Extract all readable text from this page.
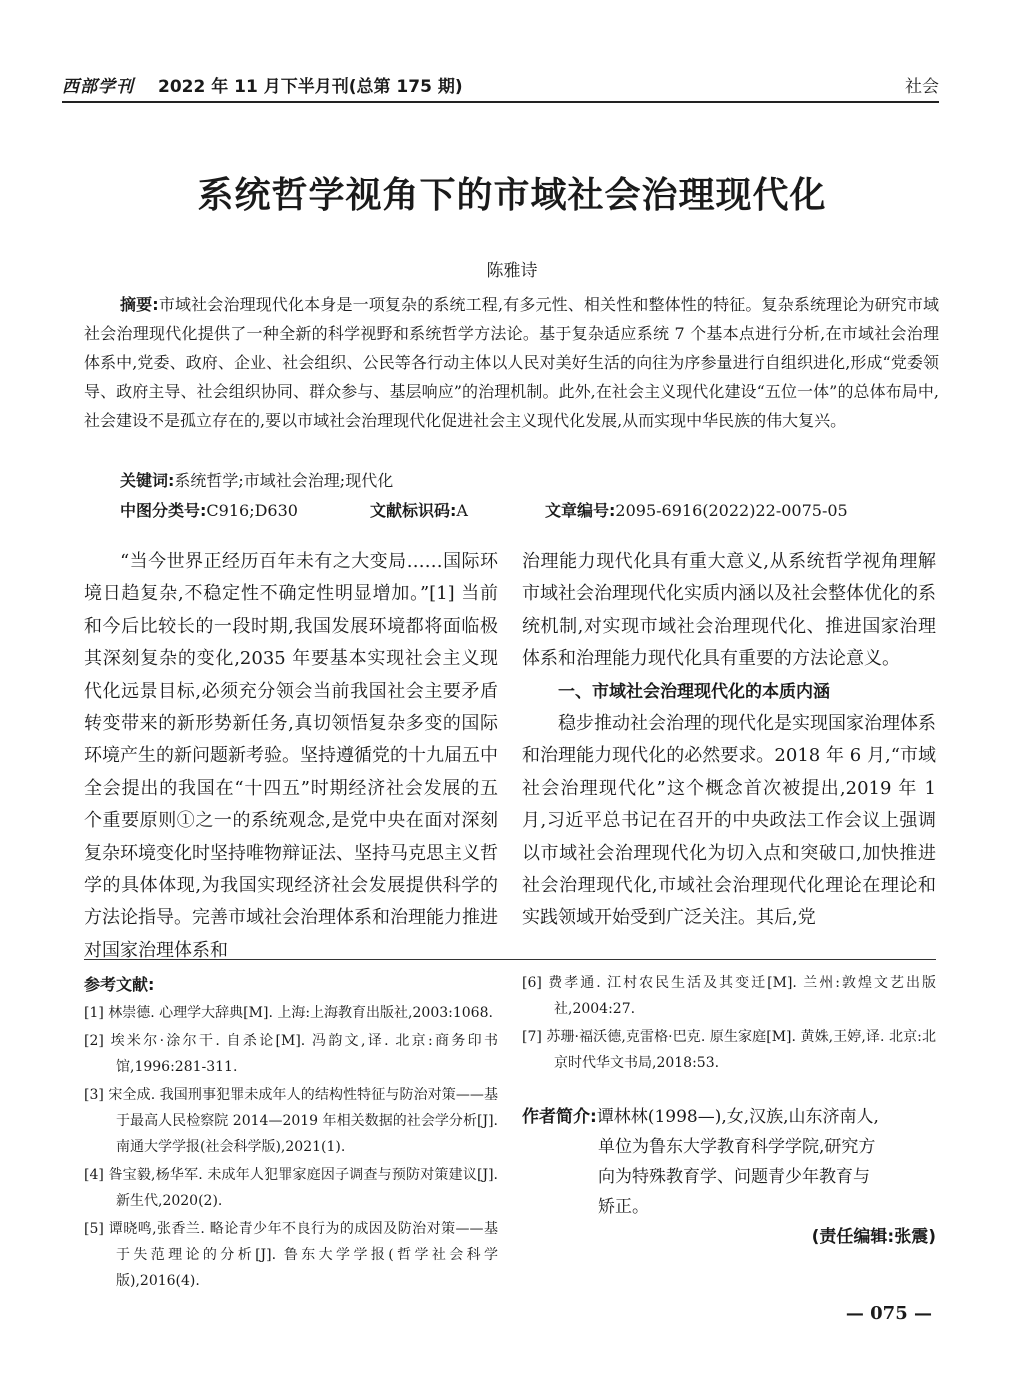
西部学刊 2022 年 11 月下半月刊(总第 175 期)	社会
系统哲学视角下的市域社会治理现代化
陈雅诗
摘要:市域社会治理现代化本身是一项复杂的系统工程,有多元性、相关性和整体性的特征。复杂系统理论为研究市域社会治理现代化提供了一种全新的科学视野和系统哲学方法论。基于复杂适应系统 7 个基本点进行分析,在市域社会治理体系中,党委、政府、企业、社会组织、公民等各行动主体以人民对美好生活的向往为序参量进行自组织进化,形成“党委领导、政府主导、社会组织协同、群众参与、基层响应”的治理机制。此外,在社会主义现代化建设“五位一体”的总体布局中,社会建设不是孤立存在的,要以市域社会治理现代化促进社会主义现代化发展,从而实现中华民族的伟大复兴。
关键词:系统哲学;市域社会治理;现代化
中图分类号:C916;D630	文献标识码:A	文章编号:2095-6916(2022)22-0075-05

“当今世界正经历百年未有之大变局……国际环境日趋复杂,不稳定性不确定性明显增加。”[1] 当前和今后比较长的一段时期,我国发展环境都将面临极其深刻复杂的变化,2035 年要基本实现社会主义现代化远景目标,必须充分领会当前我国社会主要矛盾转变带来的新形势新任务,真切领悟复杂多变的国际环境产生的新问题新考验。坚持遵循党的十九届五中全会提出的我国在“十四五”时期经济社会发展的五个重要原则①之一的系统观念,是党中央在面对深刻复杂环境变化时坚持唯物辩证法、坚持马克思主义哲学的具体体现,为我国实现经济社会发展提供科学的方法论指导。完善市域社会治理体系和治理能力推进对国家治理体系和

治理能力现代化具有重大意义,从系统哲学视角理解市域社会治理现代化实质内涵以及社会整体优化的系统机制,对实现市域社会治理现代化、推进国家治理体系和治理能力现代化具有重要的方法论意义。

一、市域社会治理现代化的本质内涵

稳步推动社会治理的现代化是实现国家治理体系和治理能力现代化的必然要求。2018 年 6 月,“市域社会治理现代化”这个概念首次被提出,2019 年 1 月,习近平总书记在召开的中央政法工作会议上强调以市域社会治理现代化为切入点和突破口,加快推进社会治理现代化,市域社会治理现代化理论在理论和实践领域开始受到广泛关注。其后,党

参考文献:

[1] 林崇德. 心理学大辞典[M]. 上海:上海教育出版社,2003:1068.

[2] 埃米尔·涂尔干. 自杀论[M]. 冯韵文,译. 北京:商务印书馆,1996:281-311.

[3] 宋全成. 我国刑事犯罪未成年人的结构性特征与防治对策——基于最高人民检察院 2014—2019 年相关数据的社会学分析[J]. 南通大学学报(社会科学版),2021(1).

[4] 昝宝毅,杨华军. 未成年人犯罪家庭因子调查与预防对策建议[J]. 新生代,2020(2).

[5] 谭晓鸣,张香兰. 略论青少年不良行为的成因及防治对策——基于失范理论的分析[J]. 鲁东大学学报(哲学社会科学版),2016(4).

[6] 费孝通. 江村农民生活及其变迁[M]. 兰州:敦煌文艺出版社,2004:27.

[7] 苏珊·福沃德,克雷格·巴克. 原生家庭[M]. 黄姝,王婷,译. 北京:北京时代华文书局,2018:53.

作者简介:谭林林(1998—),女,汉族,山东济南人,
单位为鲁东大学教育科学学院,研究方
向为特殊教育学、问题青少年教育与
矫正。
(责任编辑:张震)
— 075 —
